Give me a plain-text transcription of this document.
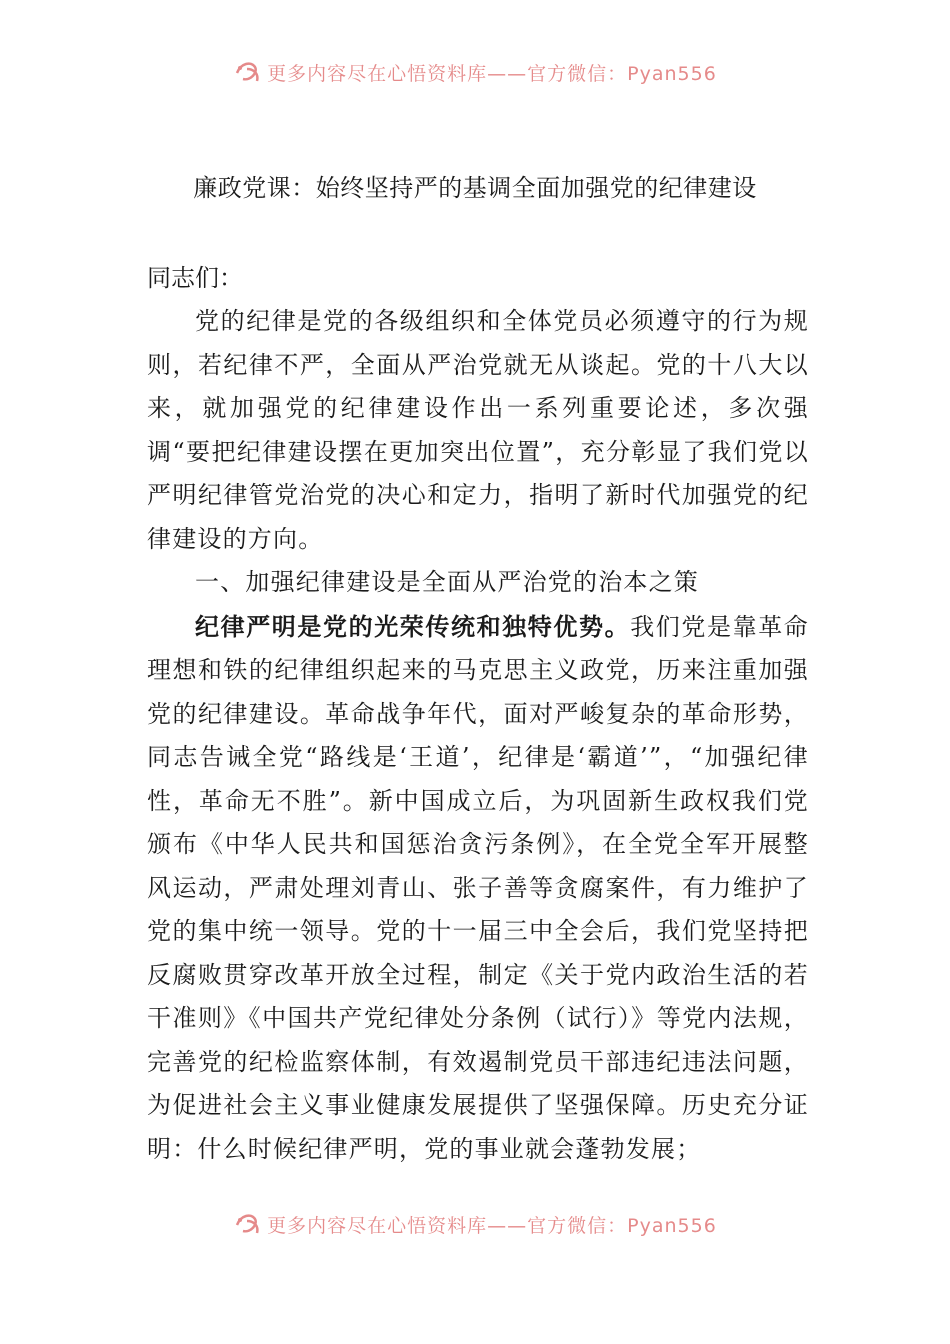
更多内容尽在心悟资料库——官方微信：Pyan556
廉政党课：始终坚持严的基调全面加强党的纪律建设
同志们：

党的纪律是党的各级组织和全体党员必须遵守的行为规则，若纪律不严，全面从严治党就无从谈起。党的十八大以来，就加强党的纪律建设作出一系列重要论述，多次强调“要把纪律建设摆在更加突出位置”，充分彰显了我们党以严明纪律管党治党的决心和定力，指明了新时代加强党的纪律建设的方向。

一、加强纪律建设是全面从严治党的治本之策

纪律严明是党的光荣传统和独特优势。我们党是靠革命理想和铁的纪律组织起来的马克思主义政党，历来注重加强党的纪律建设。革命战争年代，面对严峻复杂的革命形势，同志告诫全党“路线是‘王道’，纪律是‘霸道’”，“加强纪律性，革命无不胜”。新中国成立后，为巩固新生政权我们党颁布《中华人民共和国惩治贪污条例》，在全党全军开展整风运动，严肃处理刘青山、张子善等贪腐案件，有力维护了党的集中统一领导。党的十一届三中全会后，我们党坚持把反腐败贯穿改革开放全过程，制定《关于党内政治生活的若干准则》《中国共产党纪律处分条例（试行）》等党内法规，完善党的纪检监察体制，有效遏制党员干部违纪违法问题，为促进社会主义事业健康发展提供了坚强保障。历史充分证明：什么时候纪律严明，党的事业就会蓬勃发展；

更多内容尽在心悟资料库——官方微信：Pyan556
